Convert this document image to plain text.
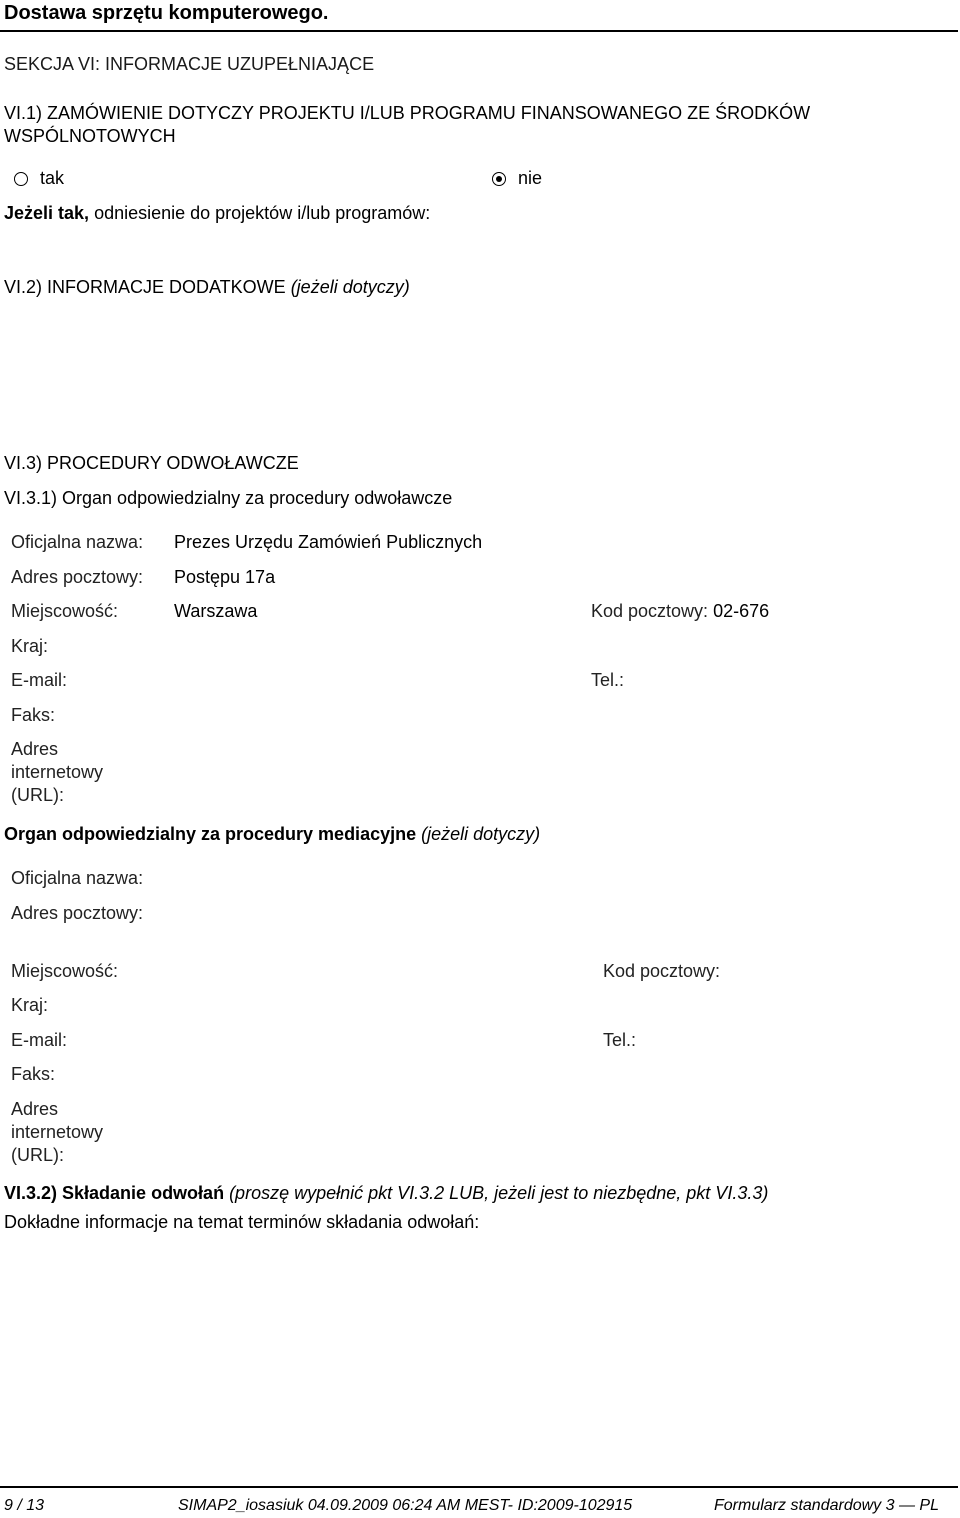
Dostawa sprzętu komputerowego.
SEKCJA VI: INFORMACJE UZUPEŁNIAJĄCE
VI.1) ZAMÓWIENIE DOTYCZY PROJEKTU I/LUB PROGRAMU FINANSOWANEGO ZE ŚRODKÓW
WSPÓLNOTOWYCH
tak	nie
Jeżeli tak, odniesienie do projektów i/lub programów:
VI.2) INFORMACJE DODATKOWE (jeżeli dotyczy)
VI.3) PROCEDURY ODWOŁAWCZE
VI.3.1) Organ odpowiedzialny za procedury odwoławcze
Oficjalna nazwa: Prezes Urzędu Zamówień Publicznych
Adres pocztowy: Postępu 17a
Miejscowość:	Warszawa	Kod pocztowy: 02-676
Kraj:
E-mail:	Tel.:
Faks:
Adres
internetowy
(URL):
Organ odpowiedzialny za procedury mediacyjne (jeżeli dotyczy)
Oficjalna nazwa:
Adres pocztowy:
Miejscowość:	Kod pocztowy:
Kraj:
E-mail:	Tel.:
Faks:
Adres
internetowy
(URL):
VI.3.2) Składanie odwołań (proszę wypełnić pkt VI.3.2 LUB, jeżeli jest to niezbędne, pkt VI.3.3)
Dokładne informacje na temat terminów składania odwołań:
9 / 13	SIMAP2_iosasiuk 04.09.2009 06:24 AM MEST- ID:2009-102915	Formularz standardowy 3 — PL
